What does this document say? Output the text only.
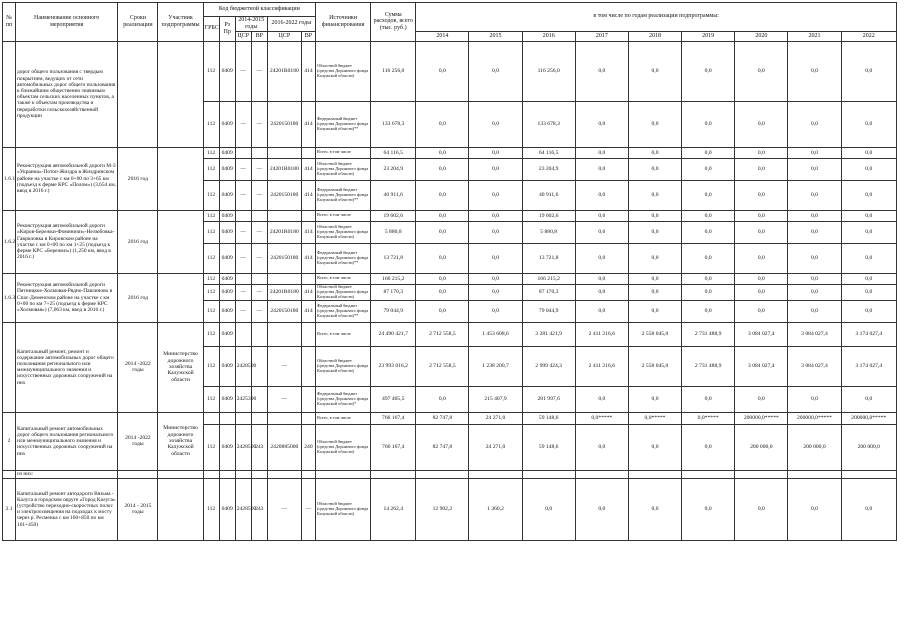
№ пп	Наименование основного мероприятия	Сроки реализации	Участник подпрограммы	Код бюджетной классификации						Источники финансирования	Сумма расходов, всего (тыс. руб.)	в том числе по годам реализации подпрограммы:								
				ГРБС	Рз Пр	2014-2015 годы		2016-2022 годы												
						ЦСР	ВР	ЦСР	ВР			2014	2015	2016	2017	2018	2019	2020	2021	2022
	дорог общего пользования с твердым покрытием, ведущих от сети автомобильных дорог общего пользования к ближайшим общественно значимым объектам сельских населенных пунктов, а также к объектам производства и переработки сельскохозяйственной продукции			112	0409	—	—	24201R0180	414	Областной бюджет (средства Дорожного фонда Калужской области)	116 256,0	0,0	0,0	116 256,0	0,0	0,0	0,0	0,0	0,0	0,0
				112	0409	—	—	2420150180	414	Федеральный бюджет (средства Дорожного фонда Калужской области)**	133 678,3	0,0	0,0	133 678,3	0,0	0,0	0,0	0,0	0,0	0,0
1.6.1	Реконструкция автомобильной дороги М-3 «Украина»-Потоп-Жиздра в Жиздринском районе на участке с км 0+00 по 3+65 км (подъезд к ферме КРС «Полом») (3,654 км, ввод в 2016 г.)	2016 год		112	0409					Всего, в том числе	64 116,5	0,0	0,0	64 116,5	0,0	0,0	0,0	0,0	0,0	0,0
				112	0409	—	—	24201R0180	414	Областной бюджет (средства Дорожного фонда Калужской области)	23 204,9	0,0	0,0	23 204,9	0,0	0,0	0,0	0,0	0,0	0,0
				112	0409	—	—	2420150180	414	Федеральный бюджет (средства Дорожного фонда Калужской области)**	40 911,6	0,0	0,0	40 911,6	0,0	0,0	0,0	0,0	0,0	0,0
1.6.2	Реконструкция автомобильной дороги «Киров-Бережки-Фоминичи»-Нелюбовка-Гавриловка в Кировском районе на участке с км 0+00 по км 1+25 (подъезд к ферме КРС «Бережки») (1,250 км, ввод в 2016 г.)	2016 год		112	0409					Всего, в том числе	19 602,6	0,0	0,0	19 602,6	0,0	0,0	0,0	0,0	0,0	0,0
				112	0409	—	—	24201R0180	414	Областной бюджет (средства Дорожного фонда Калужской области)	5 880,8	0,0	0,0	5 880,8	0,0	0,0	0,0	0,0	0,0	0,0
				112	0409	—	—	2420150180	414	Федеральный бюджет (средства Дорожного фонда Калужской области)**	13 721,8	0,0	0,0	13 721,8	0,0	0,0	0,0	0,0	0,0	0,0
1.6.3	Реконструкция автомобильной дороги Пятницкое-Холмовая-Рядно-Павлиново в Спас-Деменском районе на участке с км 0+00 по км 7+25 (подъезд к ферме КРС «Холмовая») (7,063 км, ввод в 2016 г.)	2016 год		112	0409					Всего, в том числе	166 215,2	0,0	0,0	166 215,2	0,0	0,0	0,0	0,0	0,0	0,0
				112	0409	—	—	24201R0180	414	Областной бюджет (средства Дорожного фонда Калужской области)	87 170,3	0,0	0,0	87 170,3	0,0	0,0	0,0	0,0	0,0	0,0
				112	0409	—	—	2420150180	414	Федеральный бюджет (средства Дорожного фонда Калужской области)**	79 044,9	0,0	0,0	79 044,9	0,0	0,0	0,0	0,0	0,0	0,0
	Капитальный ремонт, ремонт и содержание автомобильных дорог общего пользования регионального или межмуниципального значения и искусственных дорожных сооружений на них	2014 -2022 годы	Министерство дорожного хозяйства Калужской области	112	0409					Всего, в том числе	24 490 421,7	2 712 558,5	1 453 608,6	3 281 421,9	2 411 216,6	2 558 045,0	2 731 488,9	3 084 027,4	3 084 027,4	3 174 027,4
				112	0409	2428500		—		Областной бюджет (средства Дорожного фонда Калужской области)	23 993 016,2	2 712 558,5	1 238 200,7	2 999 424,3	2 411 216,6	2 558 045,0	2 731 488,9	3 084 027,4	3 084 027,4	3 174 027,4
				112	0409	2425390		—		Федеральный бюджет (средства Дорожного фонда Калужской области)*	497 405,5	0,0	215 407,9	281 997,6	0,0	0,0	0,0	0,0	0,0	0,0
2	Капитальный ремонт автомобильных дорог общего пользования регионального или межмуниципального значения и искусственных дорожных сооружений на них	2014 -2022 годы	Министерство дорожного хозяйства Калужской области							Всего, в том числе	766 167,4	82 747,8	24 271,0	59 148,6	0,0*****	0,0*****	0,0*****	200000,0*****	200000,0*****	200000,0*****
				112	0409	2428500	243	2420885000	240	Областной бюджет (средства Дорожного фонда Калужской области)	766 167,4	82 747,8	24 271,0	59 148,6	0,0	0,0	0,0	200 000,0	200 000,0	200 000,0
	из них:																			
2.1	Капитальный ремонт автодороги Вязьма - Калуга в городском округе «Город Калуга» (устройство переходно-скоростных полос и электроосвещения на подходах к мосту через р. Ресменка с км 160+850 по км 161+450)	2014 - 2015 годы		112	0409	2428500	243	—	—	Областной бюджет (средства Дорожного фонда Калужской области)	14 262,4	12 902,2	1 360,2	0,0	0,0	0,0	0,0	0,0	0,0	0,0
